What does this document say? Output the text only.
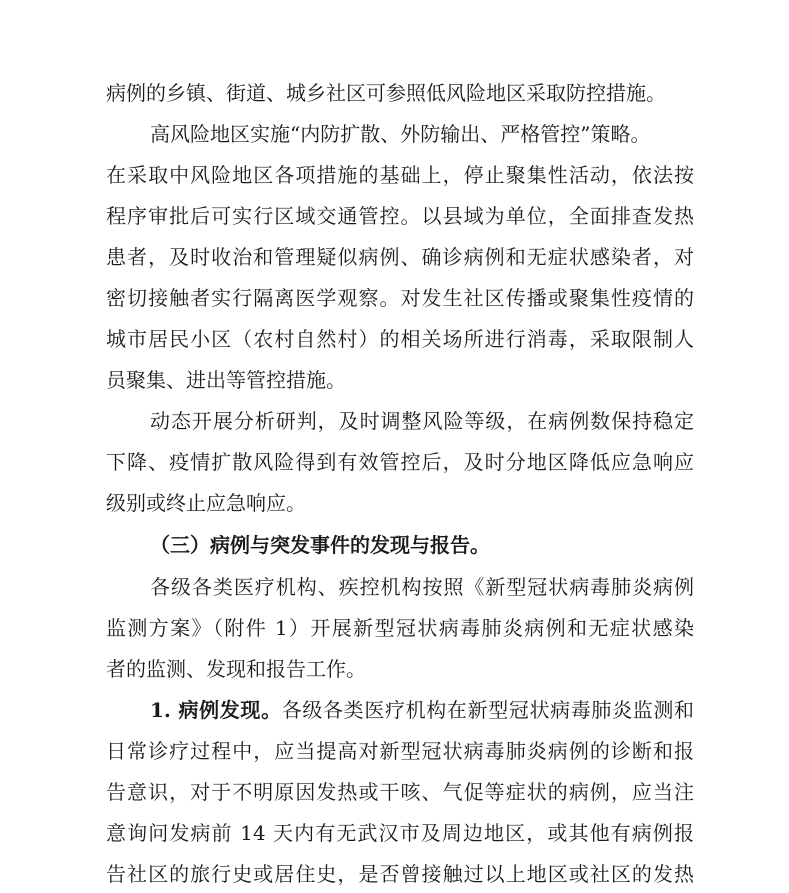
病例的乡镇、街道、城乡社区可参照低风险地区采取防控措施。
高风险地区实施“内防扩散、外防输出、严格管控”策略。
在采取中风险地区各项措施的基础上，停止聚集性活动，依法按
程序审批后可实行区域交通管控。以县域为单位，全面排查发热
患者，及时收治和管理疑似病例、确诊病例和无症状感染者，对
密切接触者实行隔离医学观察。对发生社区传播或聚集性疫情的
城市居民小区（农村自然村）的相关场所进行消毒，采取限制人
员聚集、进出等管控措施。
动态开展分析研判，及时调整风险等级，在病例数保持稳定
下降、疫情扩散风险得到有效管控后，及时分地区降低应急响应
级别或终止应急响应。
（三）病例与突发事件的发现与报告。
各级各类医疗机构、疾控机构按照《新型冠状病毒肺炎病例
监测方案》（附件 1）开展新型冠状病毒肺炎病例和无症状感染
者的监测、发现和报告工作。
1. 病例发现。各级各类医疗机构在新型冠状病毒肺炎监测和
日常诊疗过程中，应当提高对新型冠状病毒肺炎病例的诊断和报
告意识，对于不明原因发热或干咳、气促等症状的病例，应当注
意询问发病前 14 天内有无武汉市及周边地区，或其他有病例报
告社区的旅行史或居住史，是否曾接触过以上地区或社区的发热
